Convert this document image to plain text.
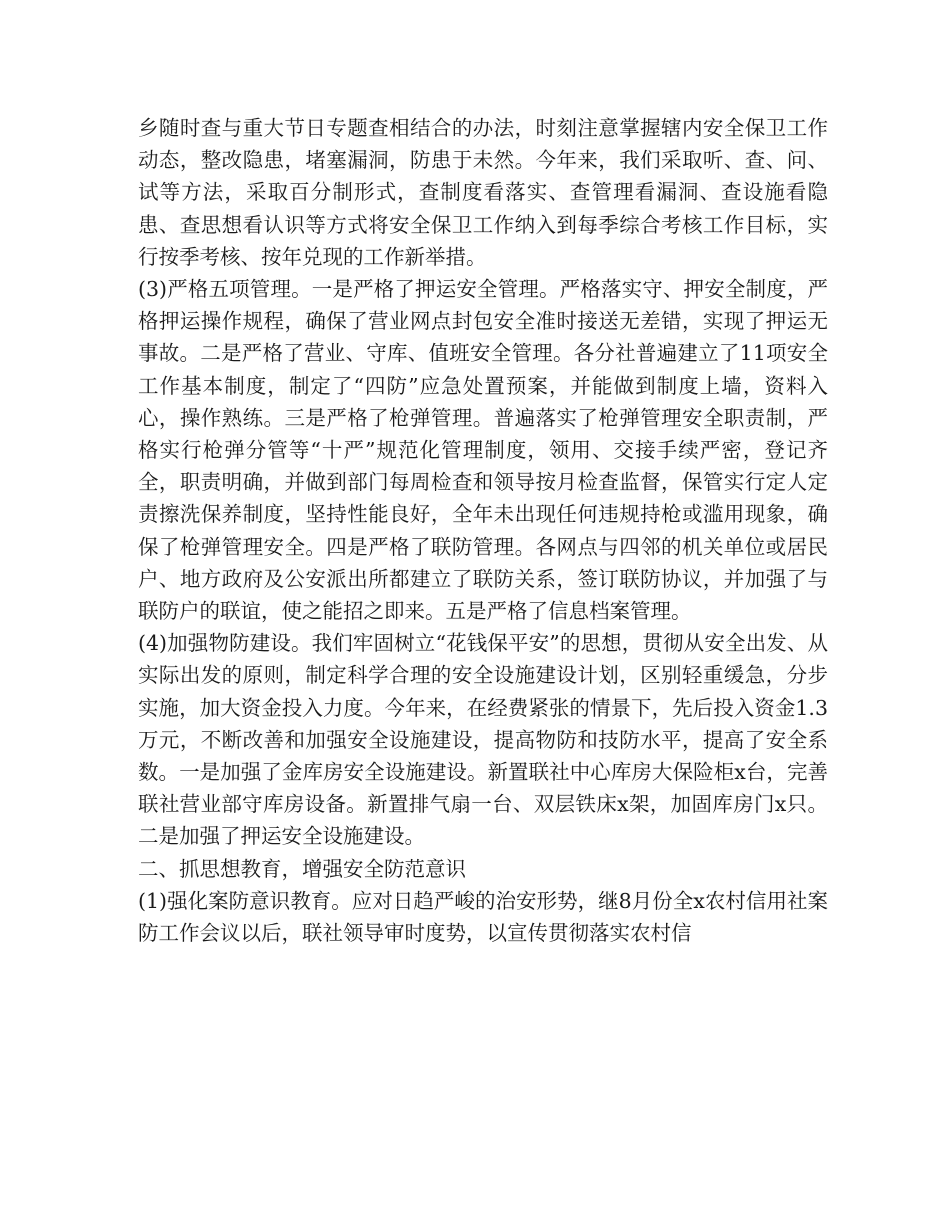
乡随时查与重大节日专题查相结合的办法，时刻注意掌握辖内安全保卫工作动态，整改隐患，堵塞漏洞，防患于未然。今年来，我们采取听、查、问、试等方法，采取百分制形式，查制度看落实、查管理看漏洞、查设施看隐患、查思想看认识等方式将安全保卫工作纳入到每季综合考核工作目标，实行按季考核、按年兑现的工作新举措。

(3)严格五项管理。一是严格了押运安全管理。严格落实守、押安全制度，严格押运操作规程，确保了营业网点封包安全准时接送无差错，实现了押运无事故。二是严格了营业、守库、值班安全管理。各分社普遍建立了11项安全工作基本制度，制定了“四防”应急处置预案，并能做到制度上墙，资料入心，操作熟练。三是严格了枪弹管理。普遍落实了枪弹管理安全职责制，严格实行枪弹分管等“十严”规范化管理制度，领用、交接手续严密，登记齐全，职责明确，并做到部门每周检查和领导按月检查监督，保管实行定人定责擦洗保养制度，坚持性能良好，全年未出现任何违规持枪或滥用现象，确保了枪弹管理安全。四是严格了联防管理。各网点与四邻的机关单位或居民户、地方政府及公安派出所都建立了联防关系，签订联防协议，并加强了与联防户的联谊，使之能招之即来。五是严格了信息档案管理。

(4)加强物防建设。我们牢固树立“花钱保平安”的思想，贯彻从安全出发、从实际出发的原则，制定科学合理的安全设施建设计划，区别轻重缓急，分步实施，加大资金投入力度。今年来，在经费紧张的情景下，先后投入资金1.3万元，不断改善和加强安全设施建设，提高物防和技防水平，提高了安全系数。一是加强了金库房安全设施建设。新置联社中心库房大保险柜x台，完善联社营业部守库房设备。新置排气扇一台、双层铁床x架，加固库房门x只。二是加强了押运安全设施建设。

二、抓思想教育，增强安全防范意识

(1)强化案防意识教育。应对日趋严峻的治安形势，继8月份全x农村信用社案防工作会议以后，联社领导审时度势，以宣传贯彻落实农村信
